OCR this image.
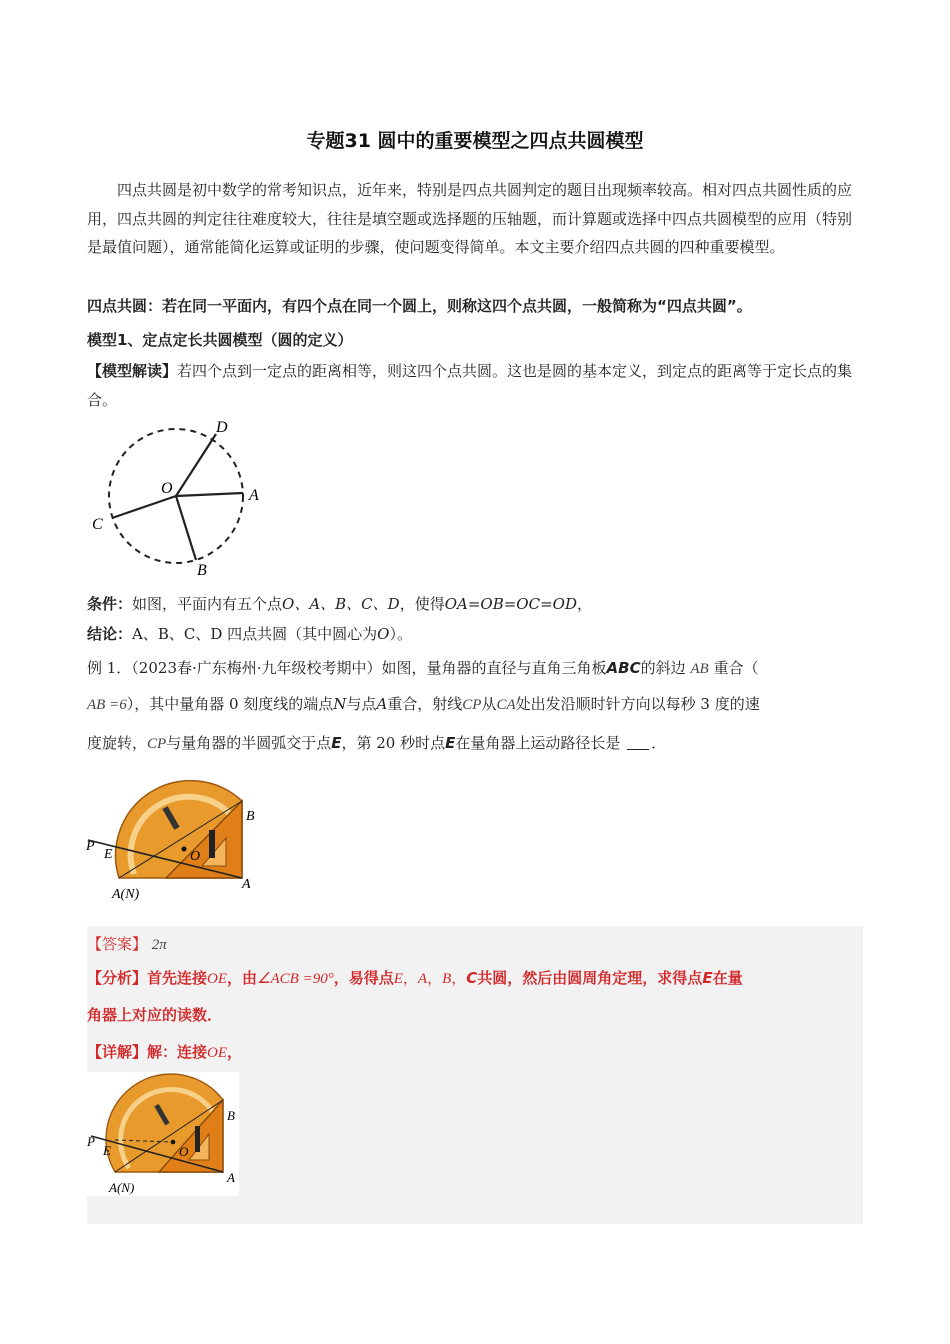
专题31 圆中的重要模型之四点共圆模型
四点共圆是初中数学的常考知识点，近年来，特别是四点共圆判定的题目出现频率较高。相对四点共圆性质的应用，四点共圆的判定往往难度较大，往往是填空题或选择题的压轴题，而计算题或选择中四点共圆模型的应用（特别是最值问题），通常能简化运算或证明的步骤，使问题变得简单。本文主要介绍四点共圆的四种重要模型。
四点共圆：若在同一平面内，有四个点在同一个圆上，则称这四个点共圆，一般简称为“四点共圆”。
模型1、定点定长共圆模型（圆的定义）
【模型解读】若四个点到一定点的距离相等，则这四个点共圆。这也是圆的基本定义，到定点的距离等于定长点的集合。
D
O	A
C
B
条件：如图，平面内有五个点O、A、B、C、D，使得OA=OB=OC=OD，
结论：A、B、C、D 四点共圆（其中圆心为O）。
例 1．（2023春·广东梅州·九年级校考期中）如图，量角器的直径与直角三角板ABC的斜边 AB 重合（
AB =6），其中量角器 0 刻度线的端点N与点A重合，射线CP从CA处出发沿顺时针方向以每秒 3 度的速
度旋转，CP与量角器的半圆弧交于点E，第 20 秒时点E在量角器上运动路径长是 ．
B
P
E	O
A
A(N)
【答案】 2π
【分析】首先连接OE，由∠ACB =90°，易得点E，A，B，C共圆，然后由圆周角定理，求得点E在量
角器上对应的读数．
【详解】解：连接OE，
B
P
E	O
A
A(N)
